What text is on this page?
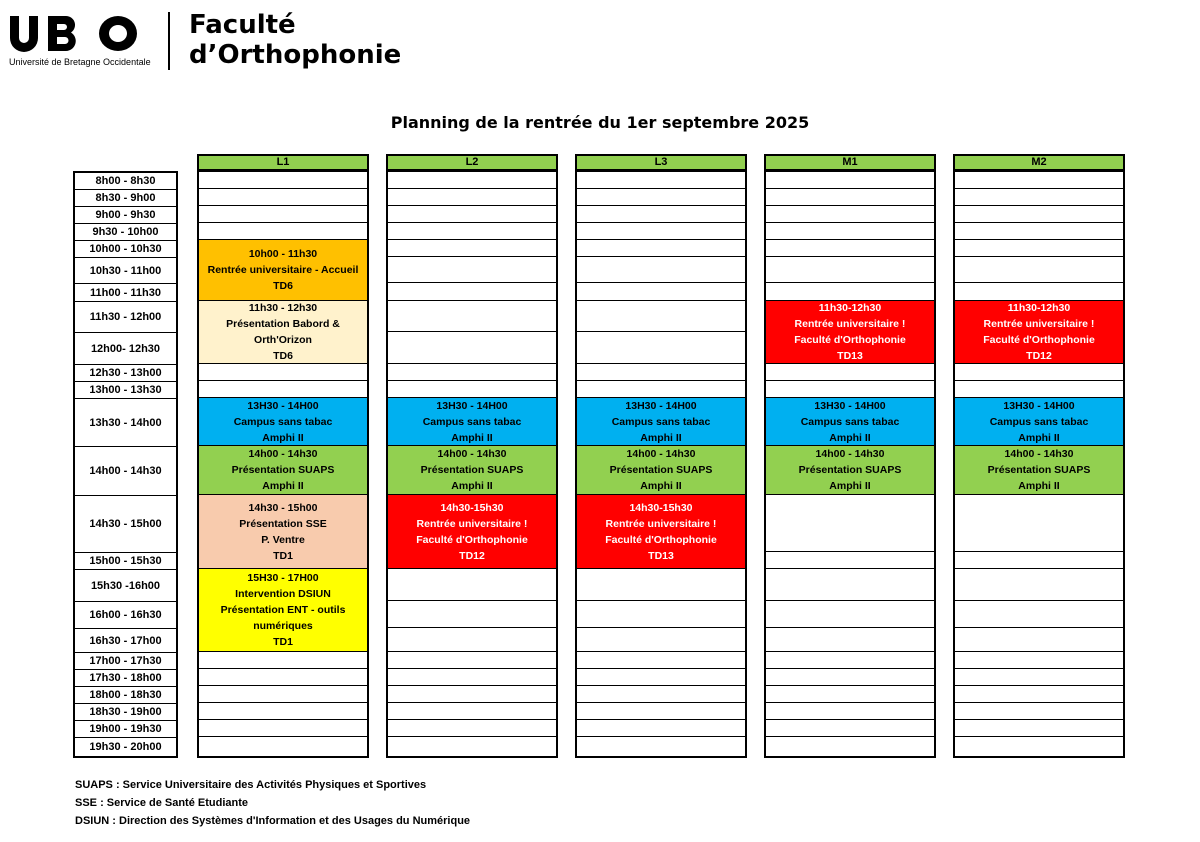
Université de Bretagne Occidentale
Faculté
d’Orthophonie
Planning de la rentrée du 1er septembre 2025
8h00 - 8h30
8h30 - 9h00
9h00 - 9h30
9h30 - 10h00
10h00 - 10h30
10h30 - 11h00
11h00 - 11h30
11h30 - 12h00
12h00- 12h30
12h30 - 13h00
13h00 - 13h30
13h30 - 14h00
14h00 - 14h30
14h30 - 15h00
15h00 - 15h30
15h30 -16h00
16h00 - 16h30
16h30 - 17h00
17h00 - 17h30
17h30 - 18h00
18h00 - 18h30
18h30 - 19h00
19h00 - 19h30
19h30 - 20h00
L1
10h00 - 11h30
Rentrée universitaire - Accueil
TD6
11h30 - 12h30
Présentation Babord &
Orth'Orizon
TD6
13H30 - 14H00
Campus sans tabac
Amphi II
14h00 - 14h30
Présentation SUAPS
Amphi II
14h30 - 15h00
Présentation SSE
P. Ventre
TD1
15H30 - 17H00
Intervention DSIUN
Présentation ENT - outils
numériques
TD1
L2
13H30 - 14H00
Campus sans tabac
Amphi II
14h00 - 14h30
Présentation SUAPS
Amphi II
14h30-15h30
Rentrée universitaire !
Faculté d'Orthophonie
TD12
L3
13H30 - 14H00
Campus sans tabac
Amphi II
14h00 - 14h30
Présentation SUAPS
Amphi II
14h30-15h30
Rentrée universitaire !
Faculté d'Orthophonie
TD13
M1
11h30-12h30
Rentrée universitaire !
Faculté d'Orthophonie
TD13
13H30 - 14H00
Campus sans tabac
Amphi II
14h00 - 14h30
Présentation SUAPS
Amphi II
M2
11h30-12h30
Rentrée universitaire !
Faculté d'Orthophonie
TD12
13H30 - 14H00
Campus sans tabac
Amphi II
14h00 - 14h30
Présentation SUAPS
Amphi II
SUAPS : Service Universitaire des Activités Physiques et Sportives
SSE : Service de Santé Etudiante
DSIUN : Direction des Systèmes d'Information et des Usages du Numérique
